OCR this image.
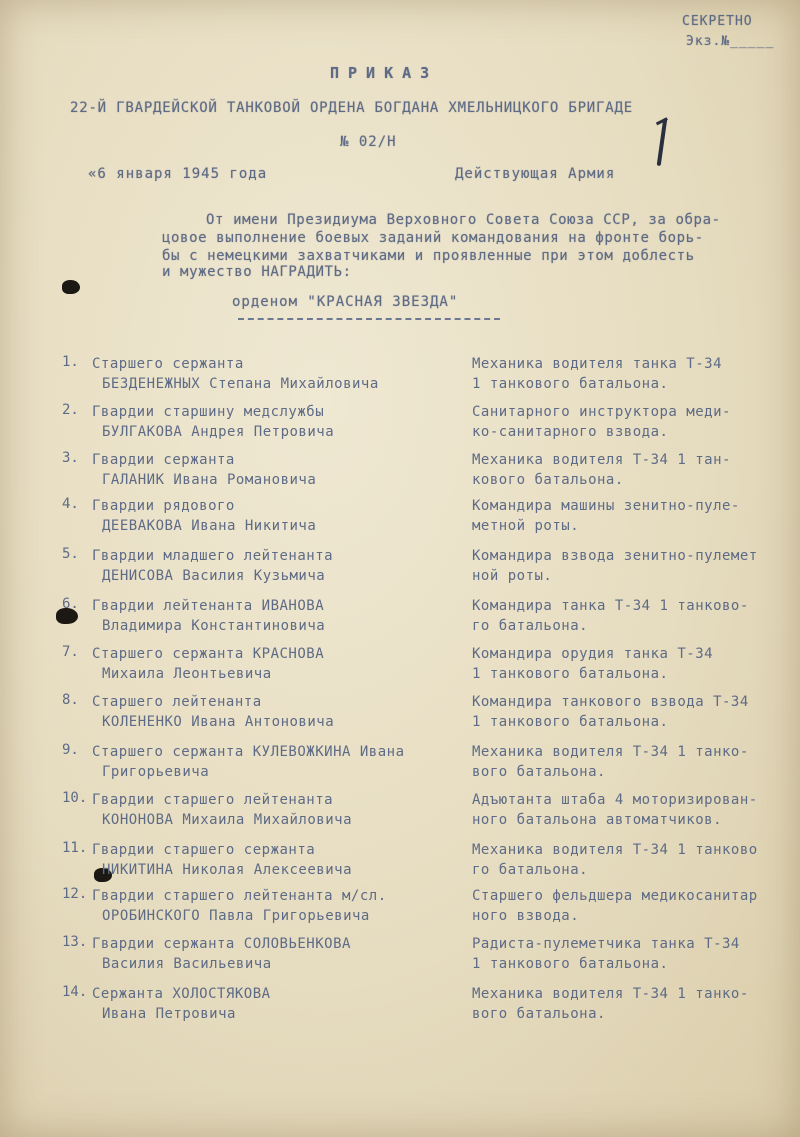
СЕКРЕТНО
Экз.№_____
ПРИКАЗ
22-Й ГВАРДЕЙСКОЙ ТАНКОВОЙ ОРДЕНА БОГДАНА ХМЕЛЬНИЦКОГО БРИГАДЕ
№ 02/Н
«6 января 1945 года	Действующая Армия
От имени Президиума Верховного Совета Союза ССР, за обра-
цовое выполнение боевых заданий командования на фронте борь-
бы с немецкими захватчиками и проявленные при этом доблесть
и мужество НАГРАДИТЬ:
орденом "КРАСНАЯ ЗВЕЗДА"
1. Старшего сержанта
БЕЗДЕНЕЖНЫХ Степана Михайловича
Механика водителя танка Т-34
1 танкового батальона.
2. Гвардии старшину медслужбы
БУЛГАКОВА Андрея Петровича
Санитарного инструктора меди-
ко-санитарного взвода.
3. Гвардии сержанта
ГАЛАНИК Ивана Романовича
Механика водителя Т-34 1 тан-
кового батальона.
4. Гвардии рядового
ДЕЕВАКОВА Ивана Никитича
Командира машины зенитно-пуле-
метной роты.
5. Гвардии младшего лейтенанта
ДЕНИСОВА Василия Кузьмича
Командира взвода зенитно-пулемет
ной роты.
6. Гвардии лейтенанта ИВАНОВА
Владимира Константиновича
Командира танка Т-34 1 танково-
го батальона.
7. Старшего сержанта КРАСНОВА
Михаила Леонтьевича
Командира орудия танка Т-34
1 танкового батальона.
8. Старшего лейтенанта
КОЛЕНЕНКО Ивана Антоновича
Командира танкового взвода Т-34
1 танкового батальона.
9. Старшего сержанта КУЛЕВОЖКИНА Ивана
Григорьевича
Механика водителя Т-34 1 танко-
вого батальона.
10. Гвардии старшего лейтенанта
КОНОНОВА Михаила Михайловича
Адъютанта штаба 4 моторизирован-
ного батальона автоматчиков.
11. Гвардии старшего сержанта
НИКИТИНА Николая Алексеевича
Механика водителя Т-34 1 танково
го батальона.
12. Гвардии старшего лейтенанта м/сл.
ОРОБИНСКОГО Павла Григорьевича
Старшего фельдшера медикосанитар
ного взвода.
13. Гвардии сержанта СОЛОВЬЕНКОВА
Василия Васильевича
Радиста-пулеметчика танка Т-34
1 танкового батальона.
14. Сержанта ХОЛОСТЯКОВА
Ивана Петровича
Механика водителя Т-34 1 танко-
вого батальона.
